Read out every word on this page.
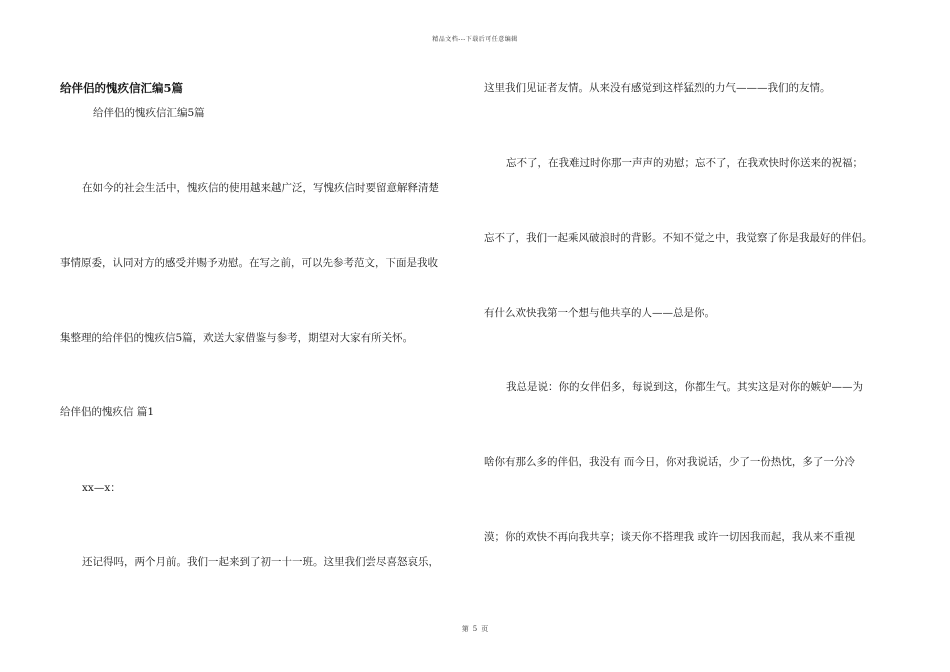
精品文档---下载后可任意编辑
给伴侣的愧疚信汇编5篇
给伴侣的愧疚信汇编5篇
在如今的社会生活中，愧疚信的使用越来越广泛，写愧疚信时要留意解释清楚
事情原委，认同对方的感受并赐予劝慰。在写之前，可以先参考范文，下面是我收
集整理的给伴侣的愧疚信5篇，欢送大家借鉴与参考，期望对大家有所关怀。
给伴侣的愧疚信 篇1
xx—x：
还记得吗，两个月前。我们一起来到了初一十一班。这里我们尝尽喜怒哀乐，
这里我们见证者友情。从来没有感觉到这样猛烈的力气———我们的友情。
忘不了，在我难过时你那一声声的劝慰；忘不了，在我欢快时你送来的祝福；
忘不了，我们一起乘风破浪时的背影。不知不觉之中，我觉察了你是我最好的伴侣。
有什么欢快我第一个想与他共享的人——总是你。
我总是说：你的女伴侣多，每说到这，你都生气。其实这是对你的嫉妒——为
啥你有那么多的伴侣，我没有 而今日，你对我说话，少了一份热忱，多了一分冷
漠；你的欢快不再向我共享；谈天你不搭理我 或许一切因我而起，我从来不重视
第 5 页
